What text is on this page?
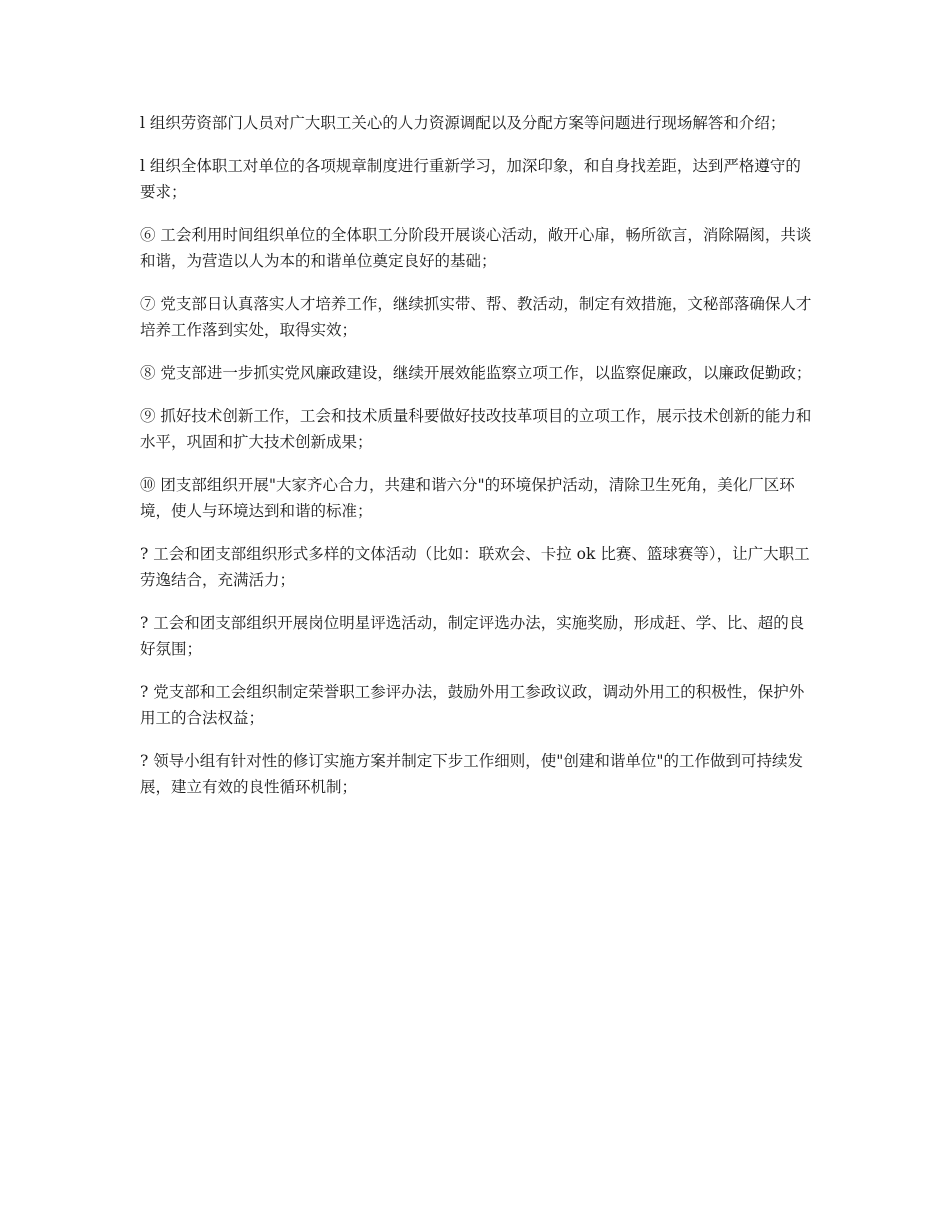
l 组织劳资部门人员对广大职工关心的人力资源调配以及分配方案等问题进行现场解答和介绍；

l 组织全体职工对单位的各项规章制度进行重新学习，加深印象，和自身找差距，达到严格遵守的要求；

⑥ 工会利用时间组织单位的全体职工分阶段开展谈心活动，敞开心扉，畅所欲言，消除隔阂，共谈和谐，为营造以人为本的和谐单位奠定良好的基础；

⑦ 党支部日认真落实人才培养工作，继续抓实带、帮、教活动，制定有效措施，文秘部落确保人才培养工作落到实处，取得实效；

⑧ 党支部进一步抓实党风廉政建设，继续开展效能监察立项工作，以监察促廉政，以廉政促勤政；

⑨ 抓好技术创新工作，工会和技术质量科要做好技改技革项目的立项工作，展示技术创新的能力和水平，巩固和扩大技术创新成果；

⑩ 团支部组织开展"大家齐心合力，共建和谐六分"的环境保护活动，清除卫生死角，美化厂区环境，使人与环境达到和谐的标准；

? 工会和团支部组织形式多样的文体活动（比如：联欢会、卡拉 ok 比赛、篮球赛等），让广大职工劳逸结合，充满活力；

? 工会和团支部组织开展岗位明星评选活动，制定评选办法，实施奖励，形成赶、学、比、超的良好氛围；

? 党支部和工会组织制定荣誉职工参评办法，鼓励外用工参政议政，调动外用工的积极性，保护外用工的合法权益；

? 领导小组有针对性的修订实施方案并制定下步工作细则，使"创建和谐单位"的工作做到可持续发展，建立有效的良性循环机制；
